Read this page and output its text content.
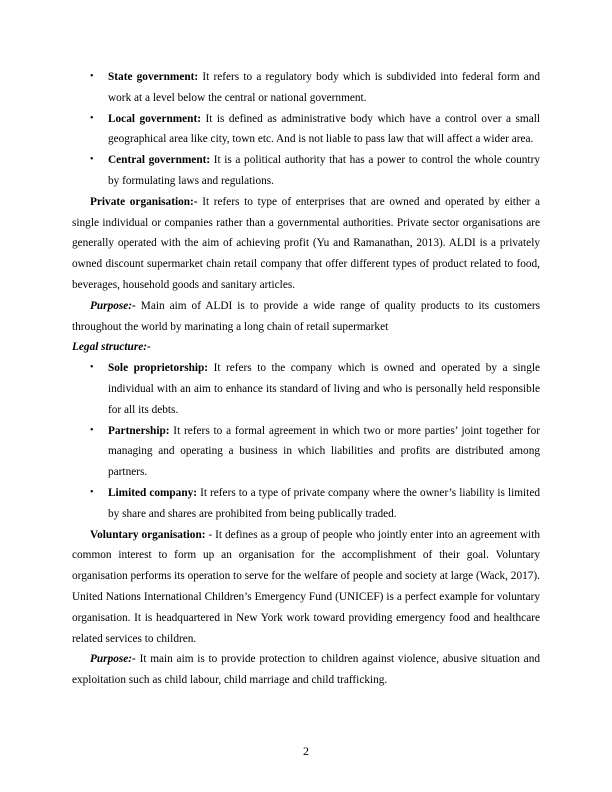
• State government: It refers to a regulatory body which is subdivided into federal form and work at a level below the central or national government.
• Local government: It is defined as administrative body which have a control over a small geographical area like city, town etc. And is not liable to pass law that will affect a wider area.
• Central government: It is a political authority that has a power to control the whole country by formulating laws and regulations.

Private organisation:- It refers to type of enterprises that are owned and operated by either a single individual or companies rather than a governmental authorities. Private sector organisations are generally operated with the aim of achieving profit (Yu and Ramanathan, 2013). ALDI is a privately owned discount supermarket chain retail company that offer different types of product related to food, beverages, household goods and sanitary articles.

Purpose:- Main aim of ALDI is to provide a wide range of quality products to its customers throughout the world by marinating a long chain of retail supermarket

Legal structure:-
• Sole proprietorship: It refers to the company which is owned and operated by a single individual with an aim to enhance its standard of living and who is personally held responsible for all its debts.
• Partnership: It refers to a formal agreement in which two or more parties’ joint together for managing and operating a business in which liabilities and profits are distributed among partners.
• Limited company: It refers to a type of private company where the owner’s liability is limited by share and shares are prohibited from being publically traded.

Voluntary organisation: - It defines as a group of people who jointly enter into an agreement with common interest to form up an organisation for the accomplishment of their goal. Voluntary organisation performs its operation to serve for the welfare of people and society at large (Wack, 2017). United Nations International Children’s Emergency Fund (UNICEF) is a perfect example for voluntary organisation. It is headquartered in New York work toward providing emergency food and healthcare related services to children.

Purpose:- It main aim is to provide protection to children against violence, abusive situation and exploitation such as child labour, child marriage and child trafficking.

2
